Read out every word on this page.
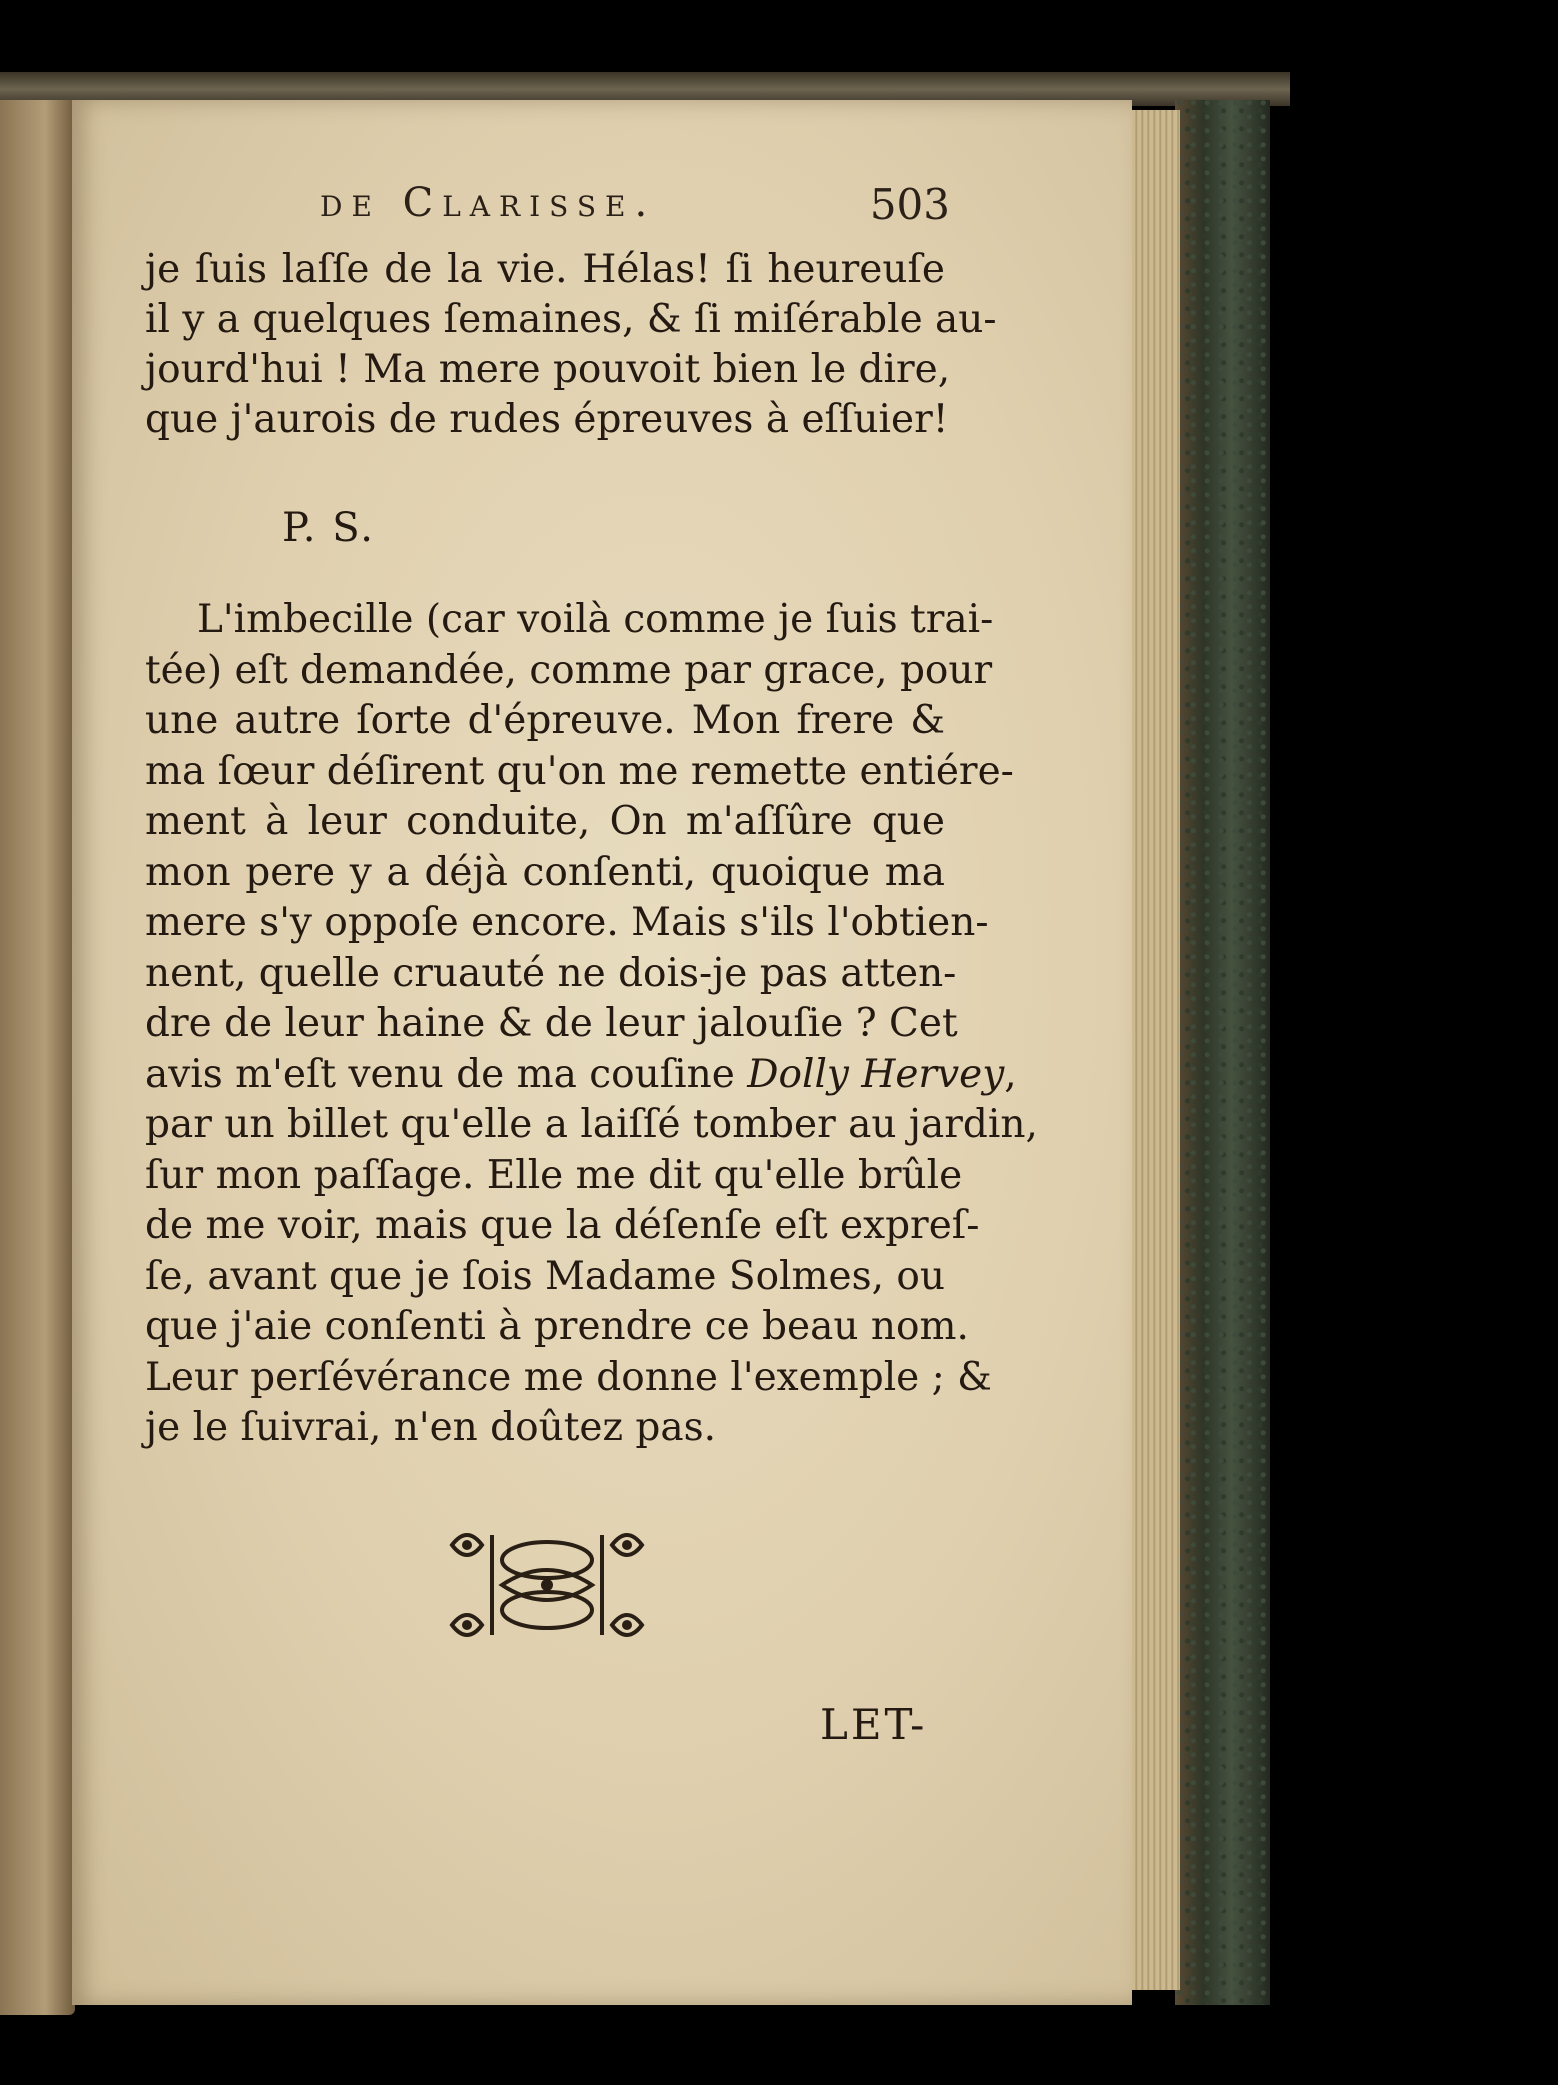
de Clarisse.	503
je ſuis laſſe de la vie. Hélas! ſi heureuſe
il y a quelques ſemaines, & ſi miſérable au-
jourd'hui ! Ma mere pouvoit bien le dire,
que j'aurois de rudes épreuves à eſſuier!
P. S.
L'imbecille (car voilà comme je ſuis trai-
tée) eſt demandée, comme par grace, pour
une autre ſorte d'épreuve. Mon frere &
ma ſœur déſirent qu'on me remette entiére-
ment à leur conduite, On m'aſſûre que
mon pere y a déjà conſenti, quoique ma
mere s'y oppoſe encore. Mais s'ils l'obtien-
nent, quelle cruauté ne dois-je pas atten-
dre de leur haine & de leur jalouſie ? Cet
avis m'eſt venu de ma couſine Dolly Hervey,
par un billet qu'elle a laiſſé tomber au jardin,
ſur mon paſſage. Elle me dit qu'elle brûle
de me voir, mais que la déſenſe eſt expreſ-
ſe, avant que je ſois Madame Solmes, ou
que j'aie conſenti à prendre ce beau nom.
Leur perſévérance me donne l'exemple ; &
je le ſuivrai, n'en doûtez pas.
LET-
